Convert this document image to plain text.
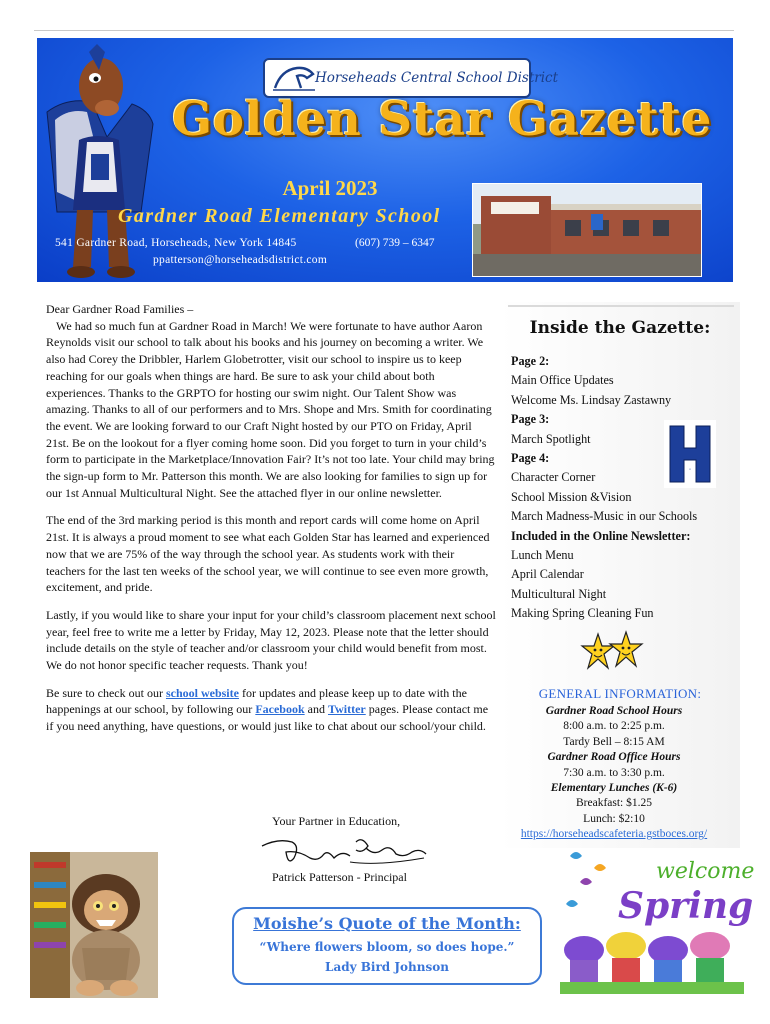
Horseheads Central School District
Golden Star Gazette
April 2023
Gardner Road Elementary School
541 Gardner Road, Horseheads, New York 14845	(607) 739 – 6347
ppatterson@horseheadsdistrict.com

Dear Gardner Road Families –

We had so much fun at Gardner Road in March! We were fortunate to have author Aaron Reynolds visit our school to talk about his books and his journey on becoming a writer. We also had Corey the Dribbler, Harlem Globetrotter, visit our school to inspire us to keep reaching for our goals when things are hard. Be sure to ask your child about both experiences. Thanks to the GRPTO for hosting our swim night. Our Talent Show was amazing. Thanks to all of our performers and to Mrs. Shope and Mrs. Smith for coordinating the event. We are looking forward to our Craft Night hosted by our PTO on Friday, April 21st. Be on the lookout for a flyer coming home soon. Did you forget to turn in your child’s form to participate in the Marketplace/Innovation Fair? It’s not too late. Your child may bring the sign-up form to Mr. Patterson this month. We are also looking for families to sign up for our 1st Annual Multicultural Night. See the attached flyer in our online newsletter.

The end of the 3rd marking period is this month and report cards will come home on April 21st. It is always a proud moment to see what each Golden Star has learned and experienced now that we are 75% of the way through the school year. As students work with their teachers for the last ten weeks of the school year, we will continue to see even more growth, excitement, and pride.

Lastly, if you would like to share your input for your child’s classroom placement next school year, feel free to write me a letter by Friday, May 12, 2023. Please note that the letter should include details on the style of teacher and/or classroom your child would benefit from most. We do not honor specific teacher requests. Thank you!

Be sure to check out our school website for updates and please keep up to date with the happenings at our school, by following our Facebook and Twitter pages. Please contact me if you need anything, have questions, or would just like to chat about our school/your child.

Your Partner in Education,
Patrick Patterson - Principal
Inside the Gazette:
Page 2:
Main Office Updates
Welcome Ms. Lindsay Zastawny
Page 3:
March Spotlight
Page 4:
Character Corner
School Mission &Vision
March Madness-Music in our Schools
Included in the Online Newsletter:
Lunch Menu
April Calendar
Multicultural Night
Making Spring Cleaning Fun
H
GENERAL INFORMATION:
Gardner Road School Hours
8:00 a.m. to 2:25 p.m.
Tardy Bell – 8:15 AM
Gardner Road Office Hours
7:30 a.m. to 3:30 p.m.
Elementary Lunches (K-6)
Breakfast: $1.25
Lunch: $2:10
https://horseheadscafeteria.gstboces.org/
Moishe’s Quote of the Month:
“Where flowers bloom, so does hope.”
Lady Bird Johnson
welcome
Spring
